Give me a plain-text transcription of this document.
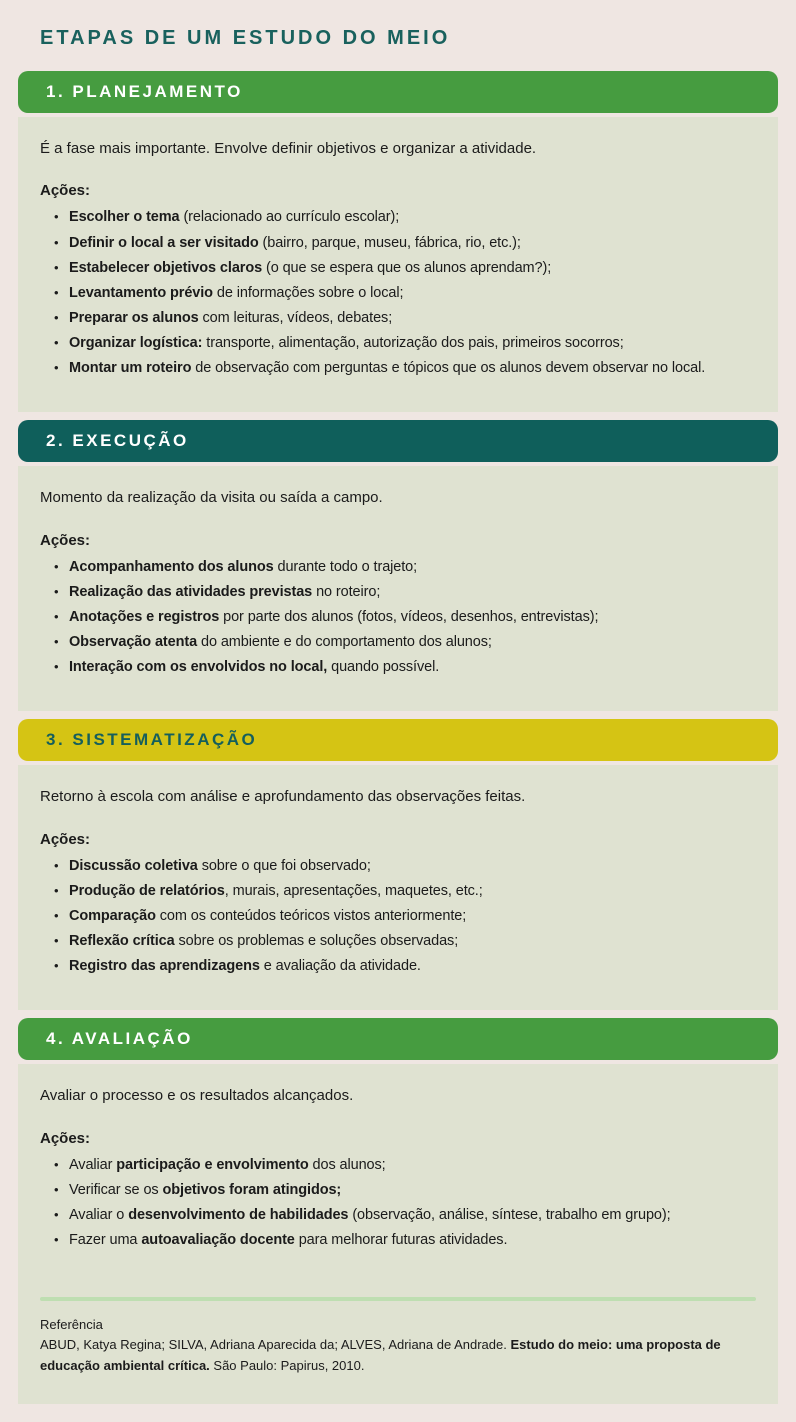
ETAPAS DE UM ESTUDO DO MEIO
1. PLANEJAMENTO

É a fase mais importante. Envolve definir objetivos e organizar a atividade.

Ações:

• Escolher o tema (relacionado ao currículo escolar);
• Definir o local a ser visitado (bairro, parque, museu, fábrica, rio, etc.);
• Estabelecer objetivos claros (o que se espera que os alunos aprendam?);
• Levantamento prévio de informações sobre o local;
• Preparar os alunos com leituras, vídeos, debates;
• Organizar logística: transporte, alimentação, autorização dos pais, primeiros socorros;
• Montar um roteiro de observação com perguntas e tópicos que os alunos devem observar no local.
2. EXECUÇÃO

Momento da realização da visita ou saída a campo.

Ações:

• Acompanhamento dos alunos durante todo o trajeto;
• Realização das atividades previstas no roteiro;
• Anotações e registros por parte dos alunos (fotos, vídeos, desenhos, entrevistas);
• Observação atenta do ambiente e do comportamento dos alunos;
• Interação com os envolvidos no local, quando possível.
3. SISTEMATIZAÇÃO

Retorno à escola com análise e aprofundamento das observações feitas.

Ações:

• Discussão coletiva sobre o que foi observado;
• Produção de relatórios, murais, apresentações, maquetes, etc.;
• Comparação com os conteúdos teóricos vistos anteriormente;
• Reflexão crítica sobre os problemas e soluções observadas;
• Registro das aprendizagens e avaliação da atividade.
4. AVALIAÇÃO

Avaliar o processo e os resultados alcançados.

Ações:

• Avaliar participação e envolvimento dos alunos;
• Verificar se os objetivos foram atingidos;
• Avaliar o desenvolvimento de habilidades (observação, análise, síntese, trabalho em grupo);
• Fazer uma autoavaliação docente para melhorar futuras atividades.

Referência

ABUD, Katya Regina; SILVA, Adriana Aparecida da; ALVES, Adriana de Andrade. Estudo do meio: uma proposta de educação ambiental crítica. São Paulo: Papirus, 2010.
